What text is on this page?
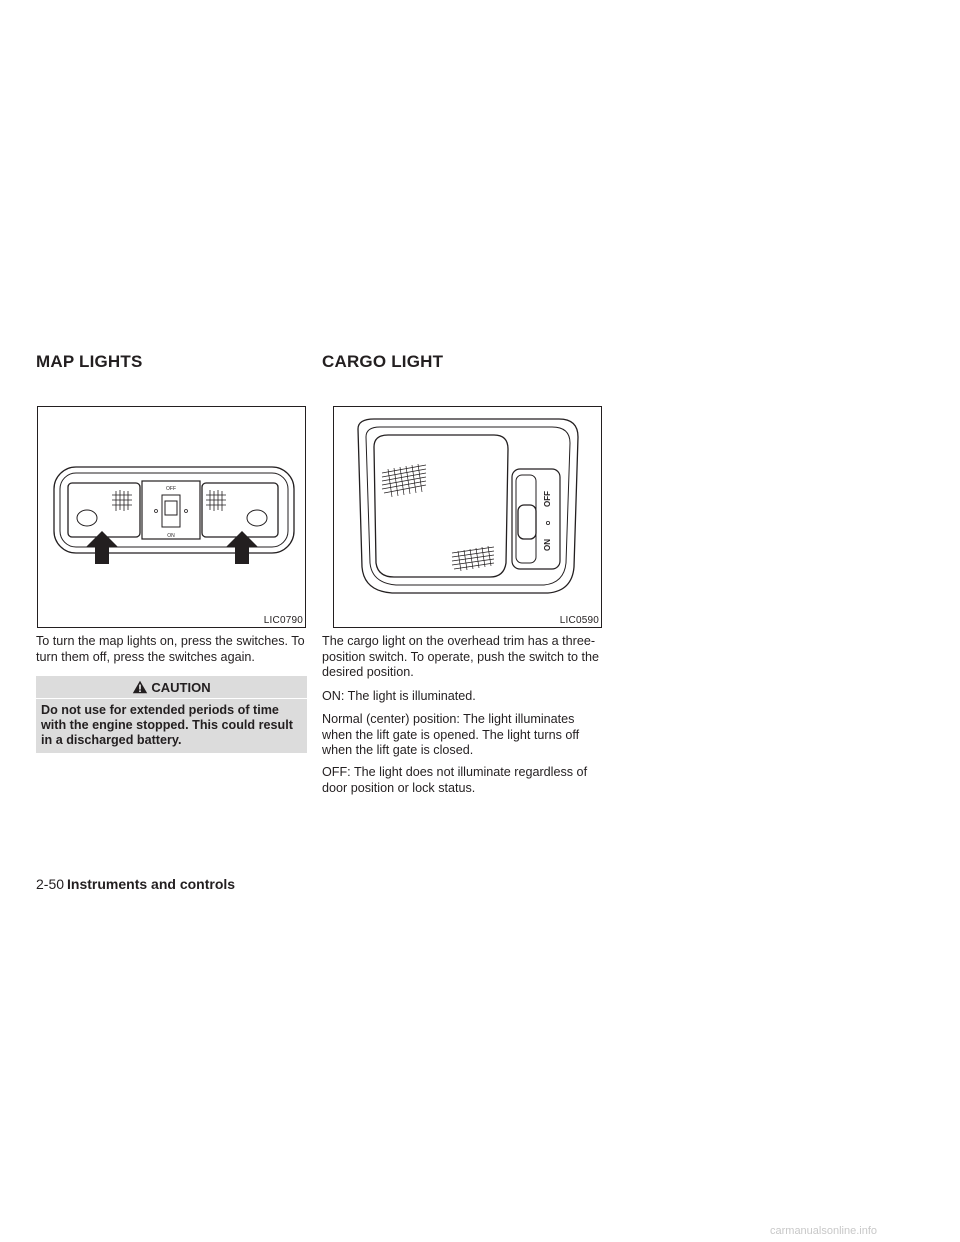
MAP LIGHTS
OFF
ON
LIC0790

To turn the map lights on, press the switches. To turn them off, press the switches again.

CAUTION
Do not use for extended periods of time with the engine stopped. This could result in a discharged battery.
CARGO LIGHT
OFF
ON
LIC0590

The cargo light on the overhead trim has a three-position switch. To operate, push the switch to the desired position.

ON: The light is illuminated.

Normal (center) position: The light illuminates when the lift gate is opened. The light turns off when the lift gate is closed.

OFF: The light does not illuminate regardless of door position or lock status.

2-50 Instruments and controls
carmanualsonline.info
